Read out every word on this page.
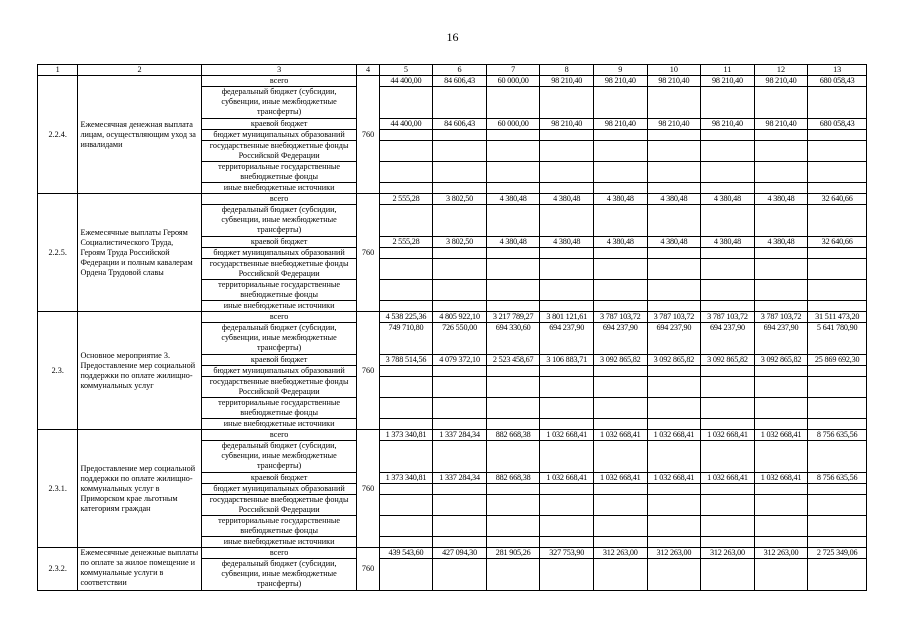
16
1	2	3	4	5	6	7	8	9	10	11	12	13
2.2.4.	Ежемесячная денежная выплата лицам, осуществляющим уход за инвалидами	всего	760	44 400,00	84 606,43	60 000,00	98 210,40	98 210,40	98 210,40	98 210,40	98 210,40	680 058,43
		федеральный бюджет (субсидии, субвенции, иные межбюджетные трансферты)										
		краевой бюджет		44 400,00	84 606,43	60 000,00	98 210,40	98 210,40	98 210,40	98 210,40	98 210,40	680 058,43
		бюджет муниципальных образований										
		государственные внебюджетные фонды Российской Федерации										
		территориальные государственные внебюджетные фонды										
		иные внебюджетные источники										
2.2.5.	Ежемесячные выплаты Героям Социалистического Труда, Героям Труда Российской Федерации и полным кавалерам Ордена Трудовой славы	всего	760	2 555,28	3 802,50	4 380,48	4 380,48	4 380,48	4 380,48	4 380,48	4 380,48	32 640,66
		федеральный бюджет (субсидии, субвенции, иные межбюджетные трансферты)										
		краевой бюджет		2 555,28	3 802,50	4 380,48	4 380,48	4 380,48	4 380,48	4 380,48	4 380,48	32 640,66
		бюджет муниципальных образований										
		государственные внебюджетные фонды Российской Федерации										
		территориальные государственные внебюджетные фонды										
		иные внебюджетные источники										
2.3.	Основное мероприятие 3. Предоставление мер социальной поддержки по оплате жилищно-коммунальных услуг	всего	760	4 538 225,36	4 805 922,10	3 217 789,27	3 801 121,61	3 787 103,72	3 787 103,72	3 787 103,72	3 787 103,72	31 511 473,20
		федеральный бюджет (субсидии, субвенции, иные межбюджетные трансферты)		749 710,80	726 550,00	694 330,60	694 237,90	694 237,90	694 237,90	694 237,90	694 237,90	5 641 780,90
		краевой бюджет		3 788 514,56	4 079 372,10	2 523 458,67	3 106 883,71	3 092 865,82	3 092 865,82	3 092 865,82	3 092 865,82	25 869 692,30
		бюджет муниципальных образований										
		государственные внебюджетные фонды Российской Федерации										
		территориальные государственные внебюджетные фонды										
		иные внебюджетные источники										
2.3.1.	Предоставление мер социальной поддержки по оплате жилищно-коммунальных услуг в Приморском крае льготным категориям граждан	всего	760	1 373 340,81	1 337 284,34	882 668,38	1 032 668,41	1 032 668,41	1 032 668,41	1 032 668,41	1 032 668,41	8 756 635,56
		федеральный бюджет (субсидии, субвенции, иные межбюджетные трансферты)										
		краевой бюджет		1 373 340,81	1 337 284,34	882 668,38	1 032 668,41	1 032 668,41	1 032 668,41	1 032 668,41	1 032 668,41	8 756 635,56
		бюджет муниципальных образований										
		государственные внебюджетные фонды Российской Федерации										
		территориальные государственные внебюджетные фонды										
		иные внебюджетные источники										
2.3.2.	Ежемесячные денежные выплаты по оплате за жилое помещение и коммунальные услуги в соответствии	всего	760	439 543,60	427 094,30	281 905,26	327 753,90	312 263,00	312 263,00	312 263,00	312 263,00	2 725 349,06
		федеральный бюджет (субсидии, субвенции, иные межбюджетные трансферты)										
